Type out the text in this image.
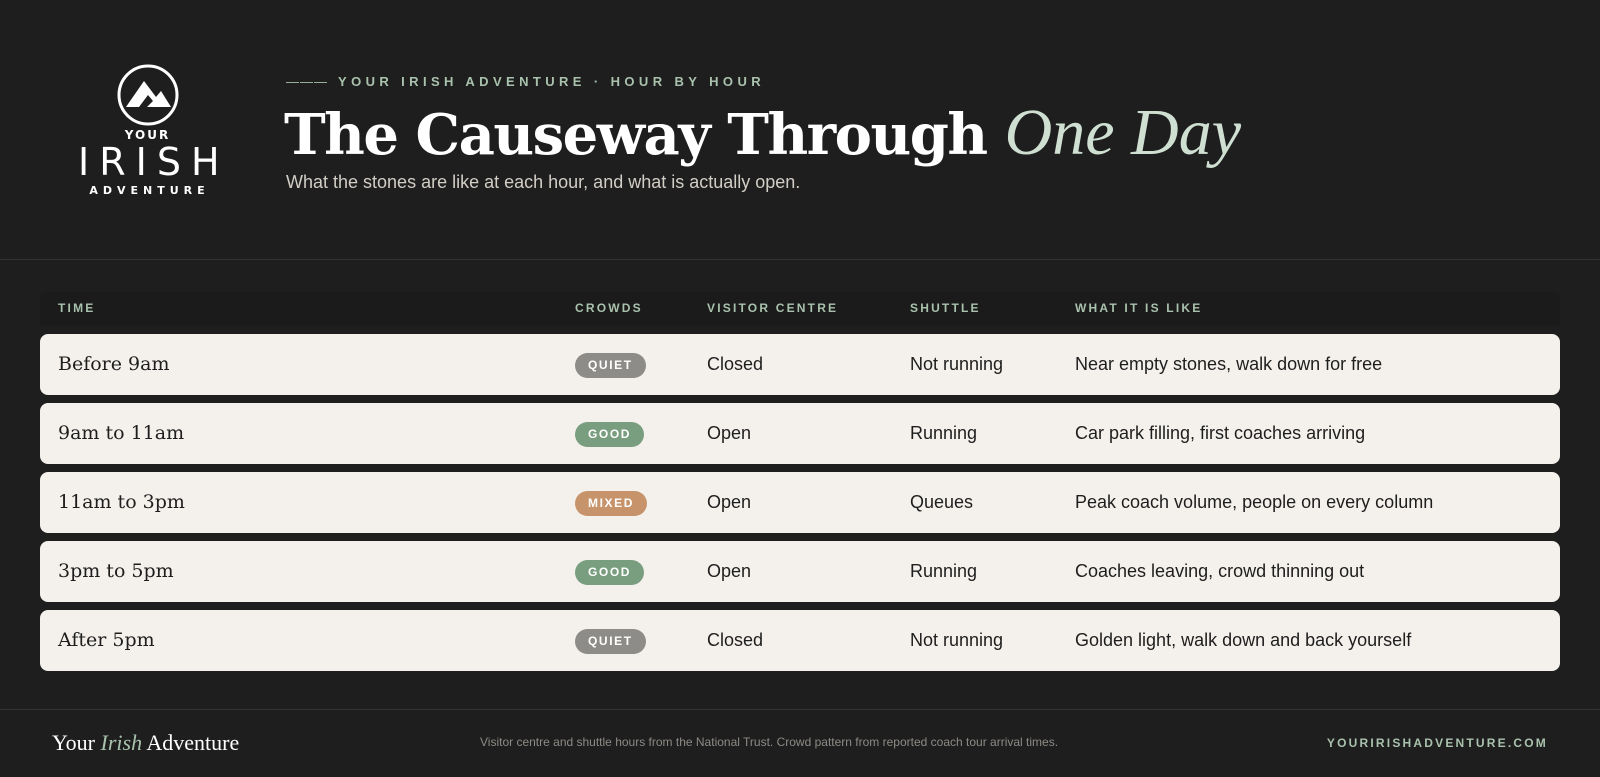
YOUR
IRISH
ADVENTURE
——— YOUR IRISH ADVENTURE · HOUR BY HOUR
The Causeway Through One Day
What the stones are like at each hour, and what is actually open.
TIME	CROWDS	VISITOR CENTRE	SHUTTLE	WHAT IT IS LIKE
Before 9am	QUIET	Closed	Not running	Near empty stones, walk down for free
9am to 11am	GOOD	Open	Running	Car park filling, first coaches arriving
11am to 3pm	MIXED	Open	Queues	Peak coach volume, people on every column
3pm to 5pm	GOOD	Open	Running	Coaches leaving, crowd thinning out
After 5pm	QUIET	Closed	Not running	Golden light, walk down and back yourself
Your Irish Adventure	Visitor centre and shuttle hours from the National Trust. Crowd pattern from reported coach tour arrival times.	YOURIRISHADVENTURE.COM
